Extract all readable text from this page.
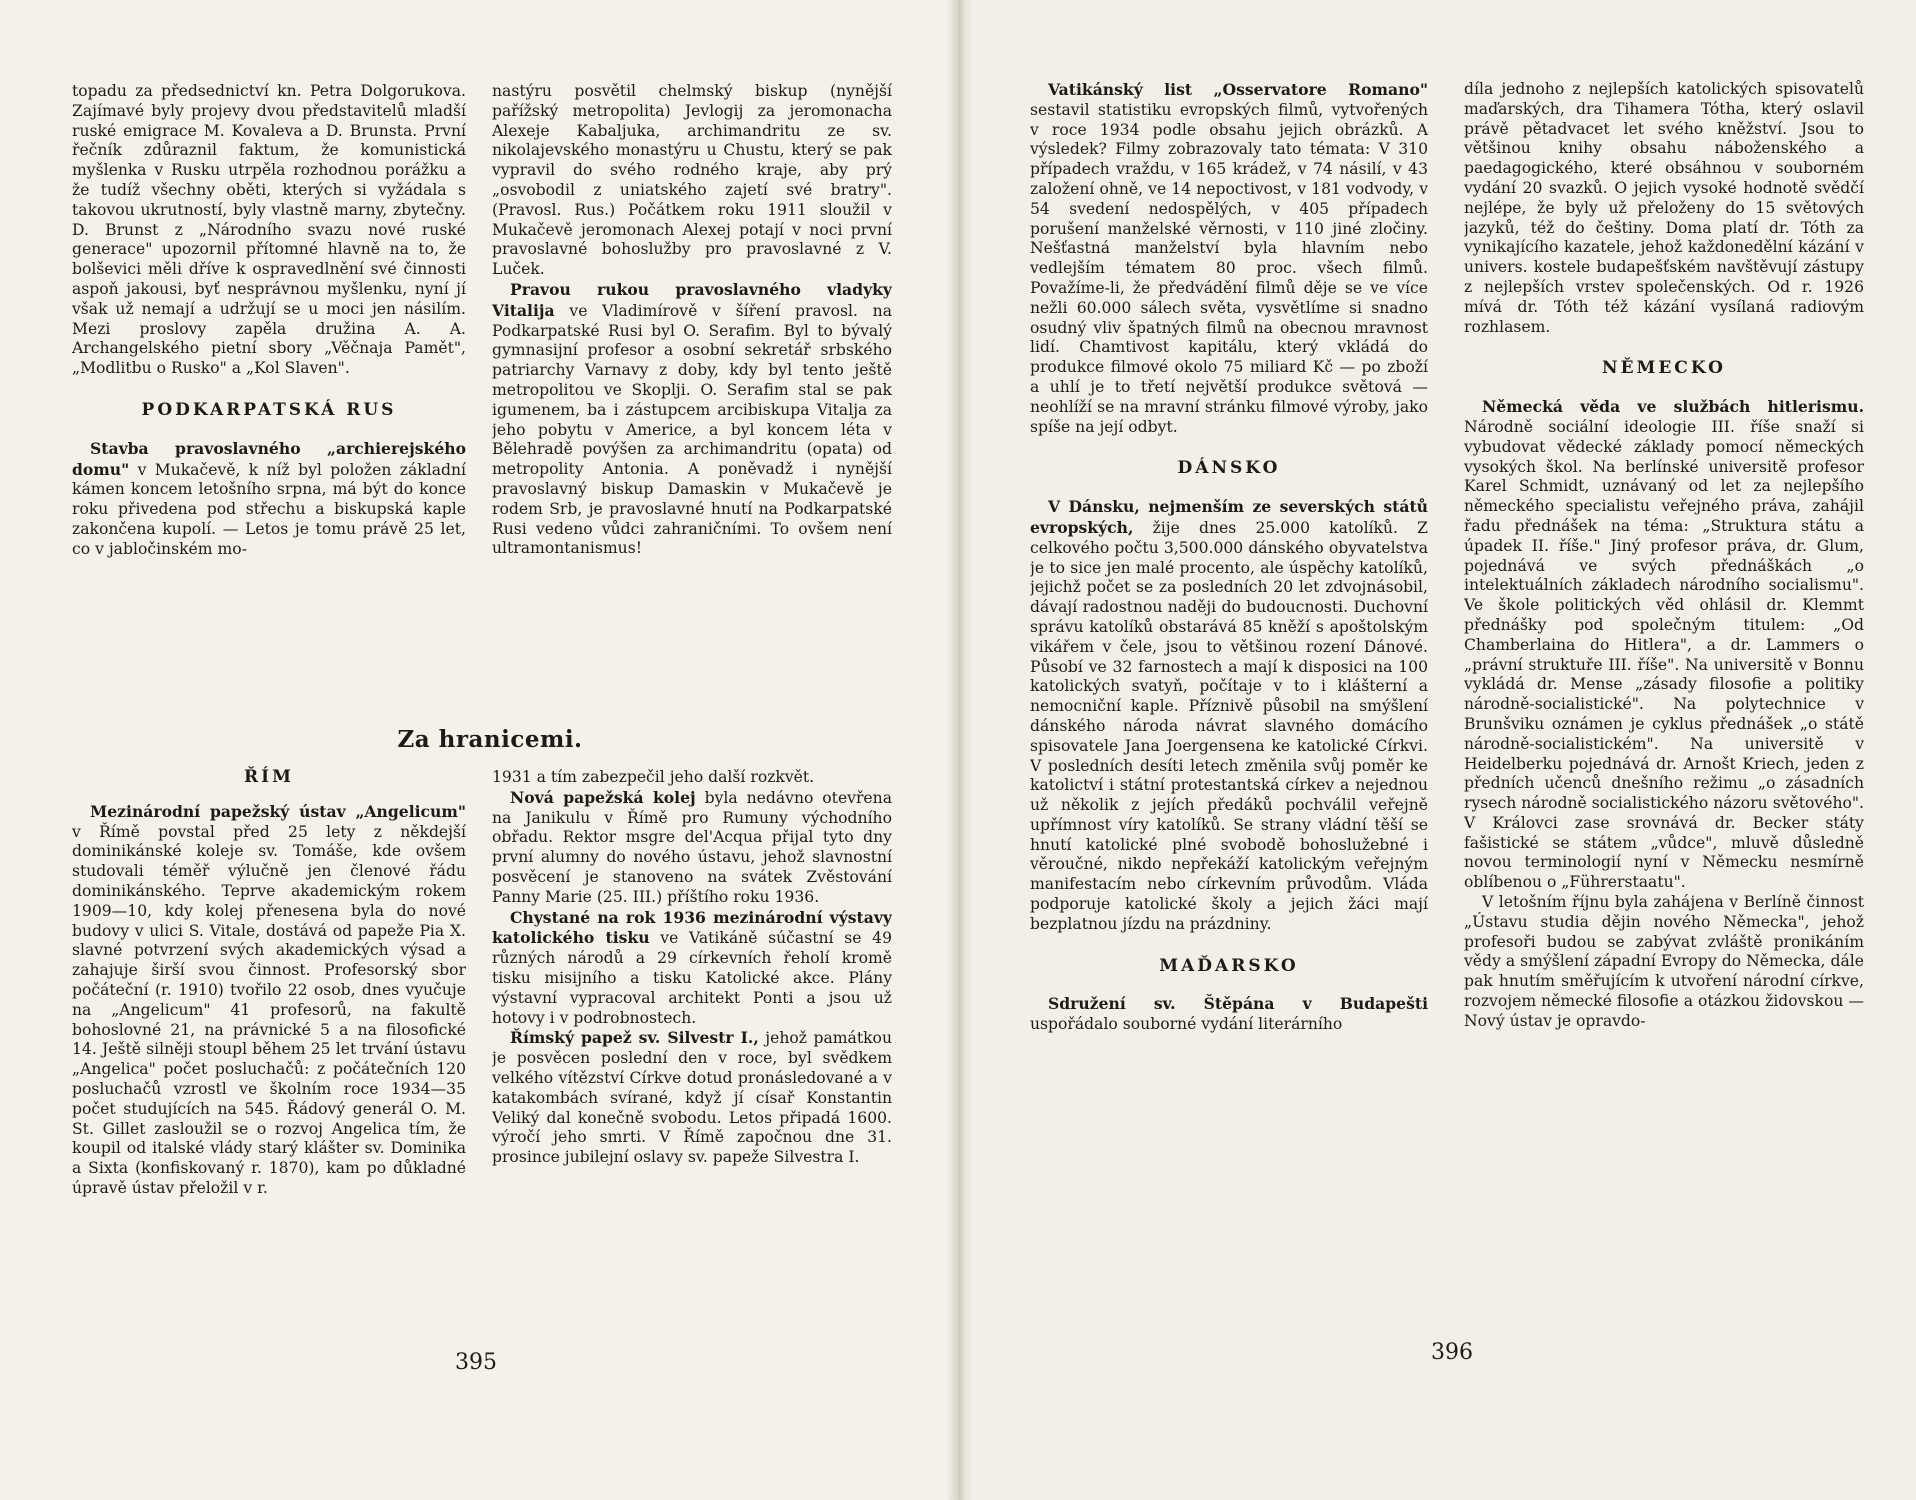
topadu za předsednictví kn. Petra Dolgorukova. Zajímavé byly projevy dvou představitelů mladší ruské emigrace M. Kovaleva a D. Brunsta. První řečník zdůraznil faktum, že komunistická myšlenka v Rusku utrpěla rozhodnou porážku a že tudíž všechny oběti, kterých si vyžádala s takovou ukrutností, byly vlastně marny, zbytečny. D. Brunst z „Národního svazu nové ruské generace" upozornil přítomné hlavně na to, že bolševici měli dříve k ospravedlnění své činnosti aspoň jakousi, byť nesprávnou myšlenku, nyní jí však už nemají a udržují se u moci jen násilím. Mezi proslovy zapěla družina A. A. Archangelského pietní sbory „Věčnaja Pamět", „Modlitbu o Rusko" a „Kol Slaven".

PODKARPATSKÁ RUS

Stavba pravoslavného „archierejského domu" v Mukačevě, k níž byl položen základní kámen koncem letošního srpna, má být do konce roku přivedena pod střechu a biskupská kaple zakončena kupolí. — Letos je tomu právě 25 let, co v jabločinském mo-

nastýru posvětil chelmský biskup (nynější pařížský metropolita) Jevlogij za jeromonacha Alexeje Kabaljuka, archimandritu ze sv. nikolajevského monastýru u Chustu, který se pak vypravil do svého rodného kraje, aby prý „osvobodil z uniatského zajetí své bratry". (Pravosl. Rus.) Počátkem roku 1911 sloužil v Mukačevě jeromonach Alexej potají v noci první pravoslavné bohoslužby pro pravoslavné z V. Luček.

Pravou rukou pravoslavného vladyky Vitalija ve Vladimírově v šíření pravosl. na Podkarpatské Rusi byl O. Serafim. Byl to bývalý gymnasijní profesor a osobní sekretář srbského patriarchy Varnavy z doby, kdy byl tento ještě metropolitou ve Skoplji. O. Serafim stal se pak igumenem, ba i zástupcem arcibiskupa Vitalja za jeho pobytu v Americe, a byl koncem léta v Bělehradě povýšen za archimandritu (opata) od metropolity Antonia. A poněvadž i nynější pravoslavný biskup Damaskin v Mukačevě je rodem Srb, je pravoslavné hnutí na Podkarpatské Rusi vedeno vůdci zahraničními. To ovšem není ultramontanismus!

Za hranicemi.
ŘÍM

Mezinárodní papežský ústav „Angelicum" v Římě povstal před 25 lety z někdejší dominikánské koleje sv. Tomáše, kde ovšem studovali téměř výlučně jen členové řádu dominikánského. Teprve akademickým rokem 1909—10, kdy kolej přenesena byla do nové budovy v ulici S. Vitale, dostává od papeže Pia X. slavné potvrzení svých akademických výsad a zahajuje širší svou činnost. Profesorský sbor počáteční (r. 1910) tvořilo 22 osob, dnes vyučuje na „Angelicum" 41 profesorů, na fakultě bohoslovné 21, na právnické 5 a na filosofické 14. Ještě silněji stoupl během 25 let trvání ústavu „Angelica" počet posluchačů: z počátečních 120 posluchačů vzrostl ve školním roce 1934—35 počet studujících na 545. Řádový generál O. M. St. Gillet zasloužil se o rozvoj Angelica tím, že koupil od italské vlády starý klášter sv. Dominika a Sixta (konfiskovaný r. 1870), kam po důkladné úpravě ústav přeložil v r.

1931 a tím zabezpečil jeho další rozkvět.

Nová papežská kolej byla nedávno otevřena na Janikulu v Římě pro Rumuny východního obřadu. Rektor msgre del'Acqua přijal tyto dny první alumny do nového ústavu, jehož slavnostní posvěcení je stanoveno na svátek Zvěstování Panny Marie (25. III.) příštího roku 1936.

Chystané na rok 1936 mezinárodní výstavy katolického tisku ve Vatikáně súčastní se 49 různých národů a 29 církevních řeholí kromě tisku misijního a tisku Katolické akce. Plány výstavní vypracoval architekt Ponti a jsou už hotovy i v podrobnostech.

Římský papež sv. Silvestr I., jehož památkou je posvěcen poslední den v roce, byl svědkem velkého vítězství Církve dotud pronásledované a v katakombách svírané, když jí císař Konstantin Veliký dal konečně svobodu. Letos připadá 1600. výročí jeho smrti. V Římě započnou dne 31. prosince jubilejní oslavy sv. papeže Silvestra I.

395

Vatikánský list „Osservatore Romano" sestavil statistiku evropských filmů, vytvořených v roce 1934 podle obsahu jejich obrázků. A výsledek? Filmy zobrazovaly tato témata: V 310 případech vraždu, v 165 krádež, v 74 násilí, v 43 založení ohně, ve 14 nepoctivost, v 181 vodvody, v 54 svedení nedospělých, v 405 případech porušení manželské věrnosti, v 110 jiné zločiny. Nešťastná manželství byla hlavním nebo vedlejším tématem 80 proc. všech filmů. Považíme-li, že předvádění filmů děje se ve více nežli 60.000 sálech světa, vysvětlíme si snadno osudný vliv špatných filmů na obecnou mravnost lidí. Chamtivost kapitálu, který vkládá do produkce filmové okolo 75 miliard Kč — po zboží a uhlí je to třetí největší produkce světová — neohlíží se na mravní stránku filmové výroby, jako spíše na její odbyt.

DÁNSKO

V Dánsku, nejmenším ze severských států evropských, žije dnes 25.000 katolíků. Z celkového počtu 3,500.000 dánského obyvatelstva je to sice jen malé procento, ale úspěchy katolíků, jejichž počet se za posledních 20 let zdvojnásobil, dávají radostnou naději do budoucnosti. Duchovní správu katolíků obstarává 85 kněží s apoštolským vikářem v čele, jsou to většinou rození Dánové. Působí ve 32 farnostech a mají k disposici na 100 katolických svatyň, počítaje v to i klášterní a nemocniční kaple. Příznivě působil na smýšlení dánského národa návrat slavného domácího spisovatele Jana Joergensena ke katolické Církvi. V posledních desíti letech změnila svůj poměr ke katolictví i státní protestantská církev a nejednou už několik z jejích předáků pochválil veřejně upřímnost víry katolíků. Se strany vládní těší se hnutí katolické plné svobodě bohoslužebné i věroučné, nikdo nepřekáží katolickým veřejným manifestacím nebo církevním průvodům. Vláda podporuje katolické školy a jejich žáci mají bezplatnou jízdu na prázdniny.

MAĎARSKO

Sdružení sv. Štěpána v Budapešti uspořádalo souborné vydání literárního

díla jednoho z nejlepších katolických spisovatelů maďarských, dra Tihamera Tótha, který oslavil právě pětadvacet let svého kněžství. Jsou to většinou knihy obsahu náboženského a paedagogického, které obsáhnou v souborném vydání 20 svazků. O jejich vysoké hodnotě svědčí nejlépe, že byly už přeloženy do 15 světových jazyků, též do češtiny. Doma platí dr. Tóth za vynikajícího kazatele, jehož každonedělní kázání v univers. kostele budapešťském navštěvují zástupy z nejlepších vrstev společenských. Od r. 1926 mívá dr. Tóth též kázání vysílaná radiovým rozhlasem.

NĚMECKO

Německá věda ve službách hitlerismu. Národně sociální ideologie III. říše snaží si vybudovat vědecké základy pomocí německých vysokých škol. Na berlínské universitě profesor Karel Schmidt, uznávaný od let za nejlepšího německého specialistu veřejného práva, zahájil řadu přednášek na téma: „Struktura státu a úpadek II. říše." Jiný profesor práva, dr. Glum, pojednává ve svých přednáškách „o intelektuálních základech národního socialismu". Ve škole politických věd ohlásil dr. Klemmt přednášky pod společným titulem: „Od Chamberlaina do Hitlera", a dr. Lammers o „právní struktuře III. říše". Na universitě v Bonnu vykládá dr. Mense „zásady filosofie a politiky národně-socialistické". Na polytechnice v Brunšviku oznámen je cyklus přednášek „o státě národně-socialistickém". Na universitě v Heidelberku pojednává dr. Arnošt Kriech, jeden z předních učenců dnešního režimu „o zásadních rysech národně socialistického názoru světového". V Královci zase srovnává dr. Becker státy fašistické se státem „vůdce", mluvě důsledně novou terminologií nyní v Německu nesmírně oblíbenou o „Führerstaatu".

V letošním říjnu byla zahájena v Berlíně činnost „Ústavu studia dějin nového Německa", jehož profesoři budou se zabývat zvláště pronikáním vědy a smýšlení západní Evropy do Německa, dále pak hnutím směřujícím k utvoření národní církve, rozvojem německé filosofie a otázkou židovskou — Nový ústav je opravdo-

396
